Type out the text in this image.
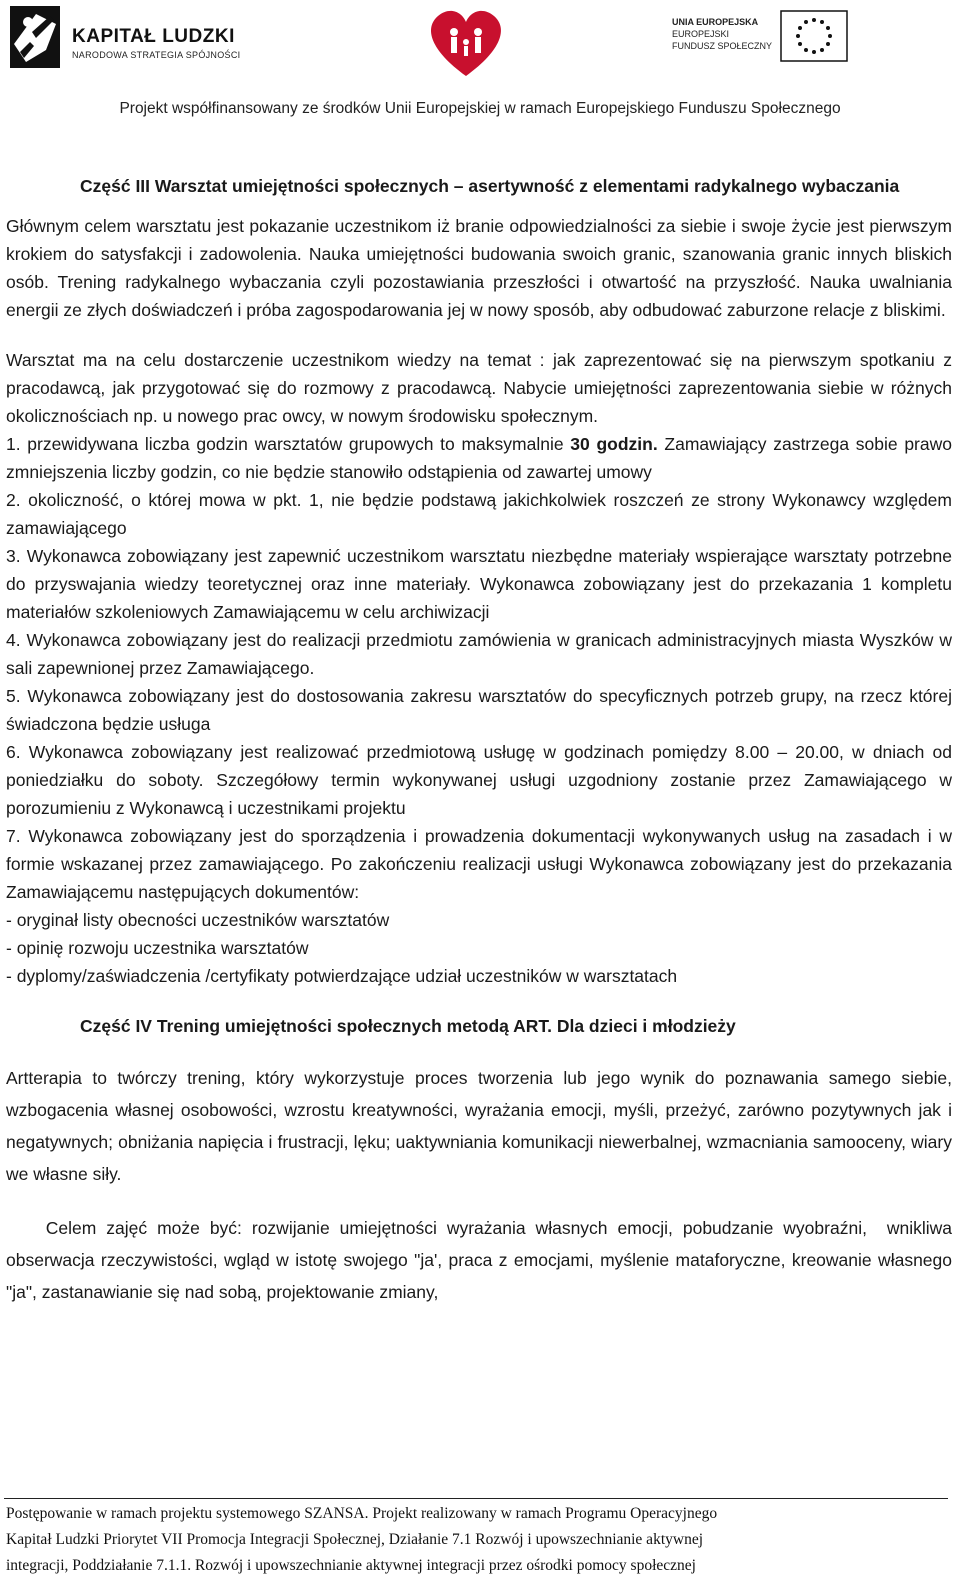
KAPITAŁ LUDZKI
NARODOWA STRATEGIA SPÓJNOŚCI
UNIA EUROPEJSKA
EUROPEJSKI
FUNDUSZ SPOŁECZNY
Projekt współfinansowany ze środków Unii Europejskiej w ramach Europejskiego Funduszu Społecznego

Część III Warsztat umiejętności społecznych – asertywność z elementami radykalnego wybaczania

Głównym celem warsztatu jest pokazanie uczestnikom iż branie odpowiedzialności za siebie i swoje życie jest pierwszym krokiem do satysfakcji i zadowolenia. Nauka umiejętności budowania swoich granic, szanowania granic innych bliskich osób. Trening radykalnego wybaczania czyli pozostawiania przeszłości i otwartość na przyszłość. Nauka uwalniania energii ze złych doświadczeń i próba zagospodarowania jej w nowy sposób, aby odbudować zaburzone relacje z bliskimi.

Warsztat ma na celu dostarczenie uczestnikom wiedzy na temat : jak zaprezentować się na pierwszym spotkaniu z pracodawcą, jak przygotować się do rozmowy z pracodawcą. Nabycie umiejętności zaprezentowania siebie w różnych okolicznościach np. u nowego prac owcy, w nowym środowisku społecznym.

1. przewidywana liczba godzin warsztatów grupowych to maksymalnie 30 godzin. Zamawiający zastrzega sobie prawo zmniejszenia liczby godzin, co nie będzie stanowiło odstąpienia od zawartej umowy

2. okoliczność, o której mowa w pkt. 1, nie będzie podstawą jakichkolwiek roszczeń ze strony Wykonawcy względem zamawiającego

3. Wykonawca zobowiązany jest zapewnić uczestnikom warsztatu niezbędne materiały wspierające warsztaty potrzebne do przyswajania wiedzy teoretycznej oraz inne materiały. Wykonawca zobowiązany jest do przekazania 1 kompletu materiałów szkoleniowych Zamawiającemu w celu archiwizacji

4. Wykonawca zobowiązany jest do realizacji przedmiotu zamówienia w granicach administracyjnych miasta Wyszków w sali zapewnionej przez Zamawiającego.

5. Wykonawca zobowiązany jest do dostosowania zakresu warsztatów do specyficznych potrzeb grupy, na rzecz której świadczona będzie usługa

6. Wykonawca zobowiązany jest realizować przedmiotową usługę w godzinach pomiędzy 8.00 – 20.00, w dniach od poniedziałku do soboty. Szczegółowy termin wykonywanej usługi uzgodniony zostanie przez Zamawiającego w porozumieniu z Wykonawcą i uczestnikami projektu

7. Wykonawca zobowiązany jest do sporządzenia i prowadzenia dokumentacji wykonywanych usług na zasadach i w formie wskazanej przez zamawiającego. Po zakończeniu realizacji usługi Wykonawca zobowiązany jest do przekazania Zamawiającemu następujących dokumentów:

- oryginał listy obecności uczestników warsztatów

- opinię rozwoju uczestnika warsztatów

- dyplomy/zaświadczenia /certyfikaty potwierdzające udział uczestników w warsztatach

Część IV Trening umiejętności społecznych metodą ART. Dla dzieci i młodzieży

Artterapia to twórczy trening, który wykorzystuje proces tworzenia lub jego wynik do poznawania samego siebie, wzbogacenia własnej osobowości, wzrostu kreatywności, wyrażania emocji, myśli, przeżyć, zarówno pozytywnych jak i negatywnych; obniżania napięcia i frustracji, lęku; uaktywniania komunikacji niewerbalnej, wzmacniania samooceny, wiary we własne siły.

Celem zajęć może być: rozwijanie umiejętności wyrażania własnych emocji, pobudzanie wyobraźni,  wnikliwa obserwacja rzeczywistości, wgląd w istotę swojego "ja', praca z emocjami, myślenie mataforyczne, kreowanie własnego "ja", zastanawianie się nad sobą, projektowanie zmiany,

Postępowanie w ramach projektu systemowego SZANSA. Projekt realizowany w ramach Programu Operacyjnego
Kapitał Ludzki Priorytet VII Promocja Integracji Społecznej, Działanie 7.1 Rozwój i upowszechnianie aktywnej
integracji, Poddziałanie 7.1.1. Rozwój i upowszechnianie aktywnej integracji przez ośrodki pomocy społecznej
